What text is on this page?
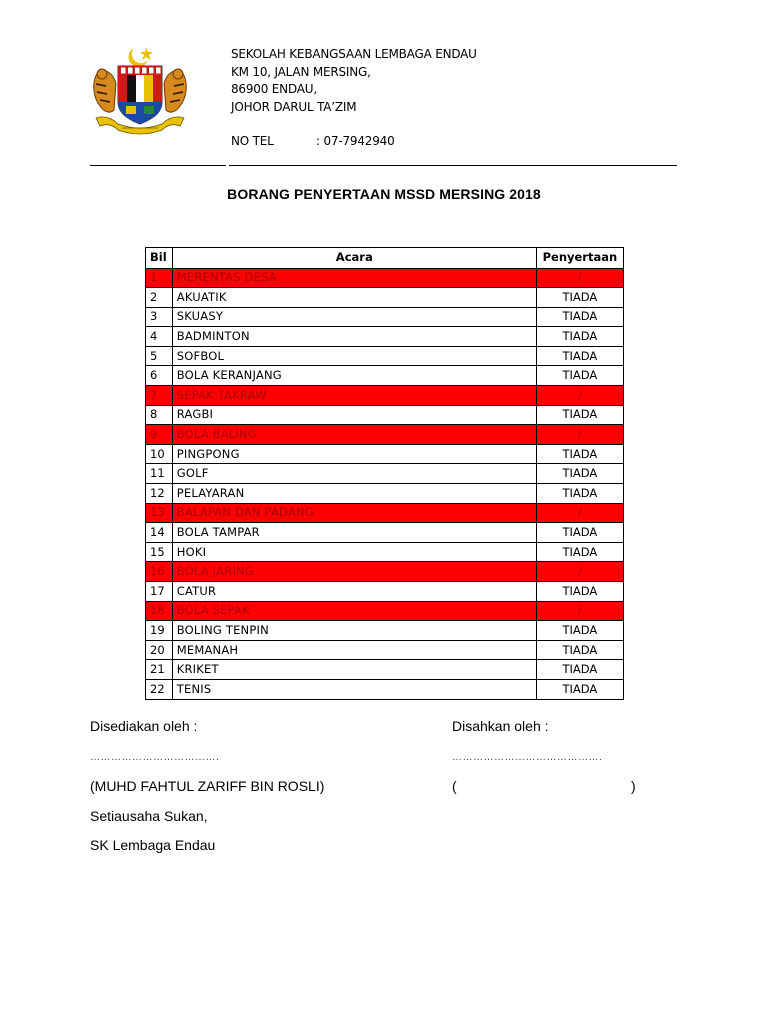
SEKOLAH KEBANGSAAN LEMBAGA ENDAU
KM 10, JALAN MERSING,
86900 ENDAU,
JOHOR DARUL TA’ZIM
NO TEL	: 07-7942940
BORANG PENYERTAAN MSSD MERSING 2018
Bil	Acara	Penyertaan
1	MERENTAS DESA	/
2	AKUATIK	TIADA
3	SKUASY	TIADA
4	BADMINTON	TIADA
5	SOFBOL	TIADA
6	BOLA KERANJANG	TIADA
7	SEPAK TAKRAW	/
8	RAGBI	TIADA
9	BOLA BALING	/
10	PINGPONG	TIADA
11	GOLF	TIADA
12	PELAYARAN	TIADA
13	BALAPAN DAN PADANG	/
14	BOLA TAMPAR	TIADA
15	HOKI	TIADA
16	BOLA JARING	/
17	CATUR	TIADA
18	BOLA SEPAK	/
19	BOLING TENPIN	TIADA
20	MEMANAH	TIADA
21	KRIKET	TIADA
22	TENIS	TIADA
Disediakan oleh :
……………………………….
(MUHD FAHTUL ZARIFF BIN ROSLI)
Setiausaha Sukan,
SK Lembaga Endau
Disahkan oleh :
…………………………………….
(	)
